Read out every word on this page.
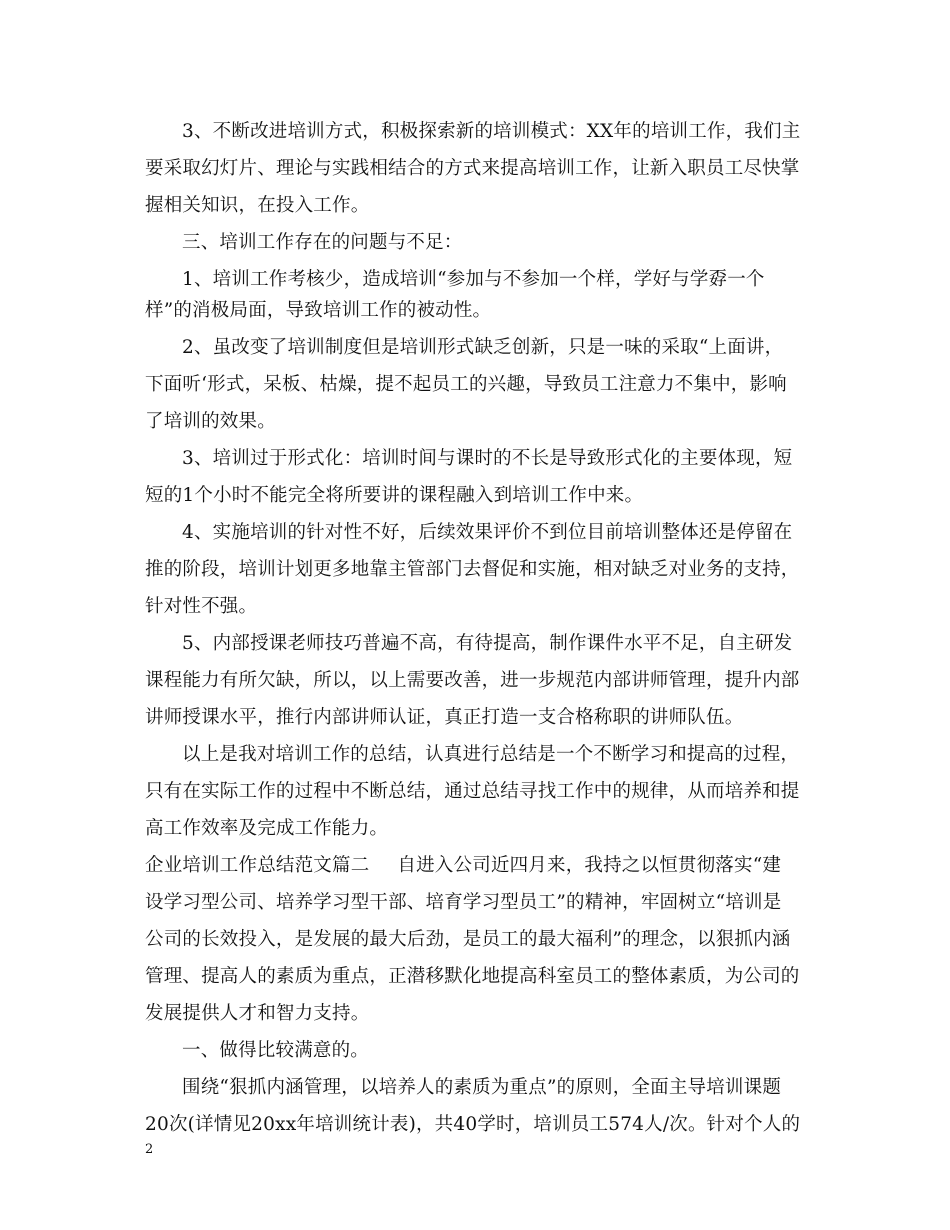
3、不断改进培训方式，积极探索新的培训模式：XX年的培训工作，我们主
要采取幻灯片、理论与实践相结合的方式来提高培训工作，让新入职员工尽快掌
握相关知识，在投入工作。
三、培训工作存在的问题与不足：
1、培训工作考核少，造成培训“参加与不参加一个样，学好与学孬一个
样”的消极局面，导致培训工作的被动性。
2、虽改变了培训制度但是培训形式缺乏创新，只是一味的采取“上面讲，
下面听‘形式，呆板、枯燥，提不起员工的兴趣，导致员工注意力不集中，影响
了培训的效果。
3、培训过于形式化：培训时间与课时的不长是导致形式化的主要体现，短
短的1个小时不能完全将所要讲的课程融入到培训工作中来。
4、实施培训的针对性不好，后续效果评价不到位目前培训整体还是停留在
推的阶段，培训计划更多地靠主管部门去督促和实施，相对缺乏对业务的支持，
针对性不强。
5、内部授课老师技巧普遍不高，有待提高，制作课件水平不足，自主研发
课程能力有所欠缺，所以，以上需要改善，进一步规范内部讲师管理，提升内部
讲师授课水平，推行内部讲师认证，真正打造一支合格称职的讲师队伍。
以上是我对培训工作的总结，认真进行总结是一个不断学习和提高的过程，
只有在实际工作的过程中不断总结，通过总结寻找工作中的规律，从而培养和提
高工作效率及完成工作能力。
企业培训工作总结范文篇二 自进入公司近四月来，我持之以恒贯彻落实“建
设学习型公司、培养学习型干部、培育学习型员工”的精神，牢固树立“培训是
公司的长效投入，是发展的最大后劲，是员工的最大福利”的理念，以狠抓内涵
管理、提高人的素质为重点，正潜移默化地提高科室员工的整体素质，为公司的
发展提供人才和智力支持。
一、做得比较满意的。
围绕“狠抓内涵管理，以培养人的素质为重点”的原则，全面主导培训课题
20次(详情见20xx年培训统计表)，共40学时，培训员工574人/次。针对个人的
2
